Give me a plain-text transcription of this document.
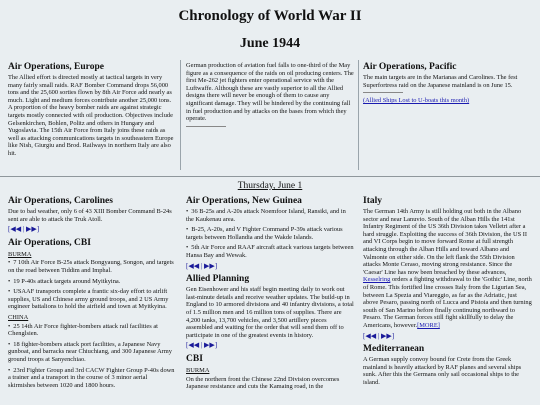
Chronology of World War II
June 1944
Air Operations, Europe

The Allied effort is directed mostly at tactical targets in very many fairly small raids. RAF Bomber Command drops 56,000 tons and the 25,600 sorties flown by 8th Air Force add nearly as much. Light and medium forces contribute another 25,000 tons. A proportion of the heavy bomber raids are against strategic targets mostly connected with oil production. Objectives include Gelsenkirchen, Bohlen, Politz and others in Hungary and Yugoslavia. The 15th Air Force from Italy joins these raids as well as attacking communications targets in southeastern Europe like Nish, Giurgiu and Brod. Railways in northern Italy are also hit.

German production of aviation fuel falls to one-third of the May figure as a consequence of the raids on oil producing centers. The first Me-262 jet fighters enter operational service with the Luftwaffe. Although these are vastly superior to all the Allied designs there will never be enough of them to cause any significant damage. They will be hindered by the continuing fall in fuel production and by attacks on the bases from which they operate.

Air Operations, Pacific

The main targets are in the Marianas and Carolines. The fest Superfortress raid on the Japanese mainland is on June 15.

(Allied Ships Lost to U-boats this month)
Thursday, June 1
Air Operations, Carolines

Due to bad weather, only 6 of 43 XIII Bomber Command B-24s sent are able to attack the Truk Atoll.

[◀◀ | ▶▶]
Air Operations, CBI
BURMA
• 7 10th Air Force B-25s attack Bongyaung, Songon, and targets on the road between Tiddim and Imphal.
• 19 P-40s attack targets around Myitkyina.
• USAAF transports complete a frantic six-day effort to airlift supplies, US and Chinese army ground troops, and 2 US Army engineer battalions to hold the airfield and town at Myitkyina.
CHINA
• 25 14th Air Force fighter-bombers attack rail facilities at Chenglsien.
• 18 fighter-bombers attack port facilities, a Japanese Navy gunboat, and barracks near Chiuchiang, and 300 Japanese Army ground troops at Sanyenchiao.
• 23rd Fighter Group and 3rd CACW Fighter Group P-40s down a trainer and a transport in the course of 3 minor aerial skirmishes between 1020 and 1800 hours.
Air Operations, New Guinea
• 36 B-25s and A-20s attack Noemfoor Island, Ransiki, and in the Kaukenau area.
• B-25, A-20s, and V Fighter Command P-39s attack various targets between Hollandia and the Wakde Islands.
• 5th Air Force and RAAF aircraft attack various targets between Hansa Bay and Wewak.
[◀◀ | ▶▶]
Allied Planning

Gen Eisenhower and his staff begin meeting daily to work out last-minute details and receive weather updates. The build-up in England to 10 armored divisions and 40 infantry divisions, a total of 1.5 million men and 16 million tons of supplies. There are 4,200 tanks, 13,700 vehicles, and 3,500 artillery pieces assembled and waiting for the order that will send them off to participate in one of the greatest events in history.

[◀◀ | ▶▶]
CBI
BURMA

On the northern front the Chinese 22nd Division overcomes Japanese resistance and cuts the Kamaing road, in the

Italy

The German 14th Army is still holding out both in the Albano sector and near Lanuvio. South of the Alban Hills the 141st Infantry Regiment of the US 36th Division takes Velletri after a hard struggle. Exploiting the success of 36th Division, the US II and VI Corps begin to move forward Rome at full strength attacking through the Alban Hills and toward Albano and Valmonte on either side. On the left flank the 55th Division attacks Monte Ceraso, moving strong resistance. Since the 'Caesar' Line has now been breached by these advances, Kesselring orders a fighting withdrawal to the 'Gothic' Line, north of Rome. This fortified line crosses Italy from the Ligurian Sea, between La Spezia and Viareggio, as far as the Adriatic, just above Pesaro, passing north of Lucca and Pistoia and then turning south of San Marino before finally continuing northward to Pesaro. The German forces still fight skillfully to delay the Americans, however.[MORE]

[◀◀ | ▶▶]
Mediterranean

A German supply convoy bound for Crete from the Greek mainland is heavily attacked by RAF planes and several ships sunk. After this the Germans only sail occasional ships to the island.
